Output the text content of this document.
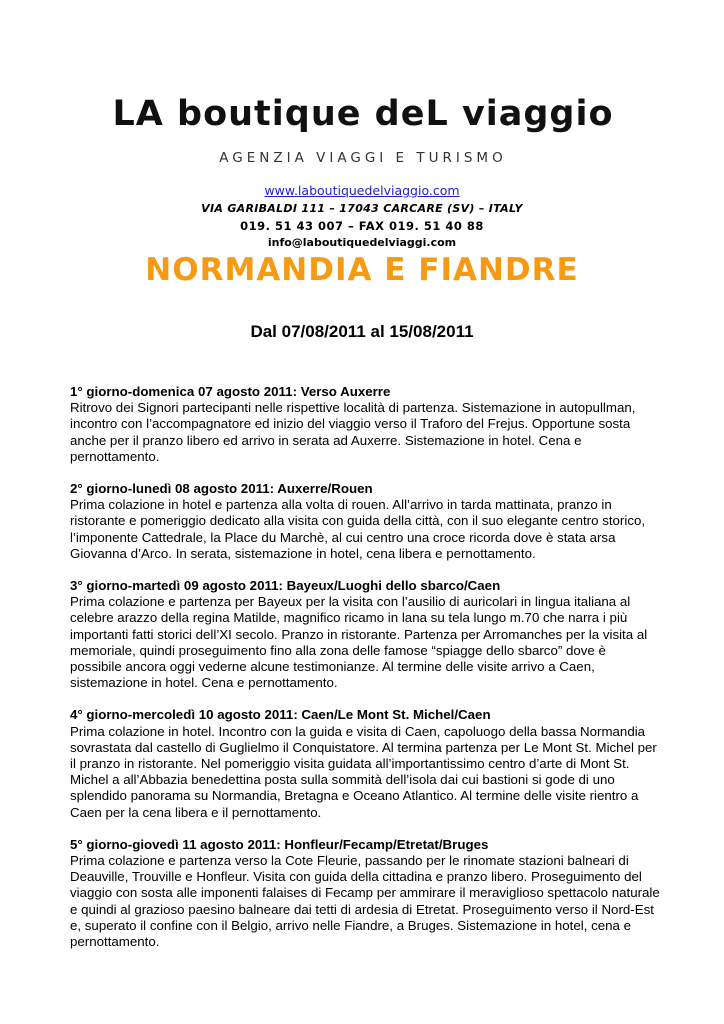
LA boutique deL viaggio
AGENZIA VIAGGI E TURISMO
www.laboutiquedelviaggio.com
VIA GARIBALDI 111 – 17043 CARCARE (SV) – ITALY
019. 51 43 007 – FAX 019. 51 40 88
info@laboutiquedelviaggi.com
NORMANDIA E FIANDRE
Dal 07/08/2011 al 15/08/2011

1° giorno-domenica 07 agosto 2011: Verso Auxerre

Ritrovo dei Signori partecipanti nelle rispettive località di partenza. Sistemazione in autopullman, incontro con l’accompagnatore ed inizio del viaggio verso il Traforo del Frejus. Opportune sosta anche per il pranzo libero ed arrivo in serata ad Auxerre. Sistemazione in hotel. Cena e pernottamento.

2° giorno-lunedì 08 agosto 2011: Auxerre/Rouen

Prima colazione in hotel e partenza alla volta di rouen. All’arrivo in tarda mattinata, pranzo in ristorante e pomeriggio dedicato alla visita con guida della città, con il suo elegante centro storico, l’imponente Cattedrale, la Place du Marchè, al cui centro una croce ricorda dove è stata arsa Giovanna d’Arco. In serata, sistemazione in hotel, cena libera e pernottamento.

3° giorno-martedì 09 agosto 2011: Bayeux/Luoghi dello sbarco/Caen

Prima colazione e partenza per Bayeux per la visita con l’ausilio di auricolari in lingua italiana al celebre arazzo della regina Matilde, magnifico ricamo in lana su tela lungo m.70 che narra i più importanti fatti storici dell’XI secolo. Pranzo in ristorante. Partenza per Arromanches per la visita al memoriale, quindi proseguimento fino alla zona delle famose “spiagge dello sbarco” dove è possibile ancora oggi vederne alcune testimonianze. Al termine delle visite arrivo a Caen, sistemazione in hotel. Cena e pernottamento.

4° giorno-mercoledì 10 agosto 2011: Caen/Le Mont St. Michel/Caen

Prima colazione in hotel. Incontro con la guida e visita di Caen, capoluogo della bassa Normandia sovrastata dal castello di Guglielmo il Conquistatore. Al termina partenza per Le Mont St. Michel per il pranzo in ristorante. Nel pomeriggio visita guidata all’importantissimo centro d’arte di Mont St. Michel a all’Abbazia benedettina posta sulla sommità dell’isola dai cui bastioni si gode di uno splendido panorama su Normandia, Bretagna e Oceano Atlantico. Al termine delle visite rientro a Caen per la cena libera e il pernottamento.

5° giorno-giovedì 11 agosto 2011: Honfleur/Fecamp/Etretat/Bruges

Prima colazione e partenza verso la Cote Fleurie, passando per le rinomate stazioni balneari di Deauville, Trouville e Honfleur. Visita con guida della cittadina e pranzo libero. Proseguimento del viaggio con sosta alle imponenti falaises di Fecamp per ammirare il meraviglioso spettacolo naturale e quindi al grazioso paesino balneare dai tetti di ardesia di Etretat. Proseguimento verso il Nord-Est e, superato il confine con il Belgio, arrivo nelle Fiandre, a Bruges. Sistemazione in hotel, cena e pernottamento.
